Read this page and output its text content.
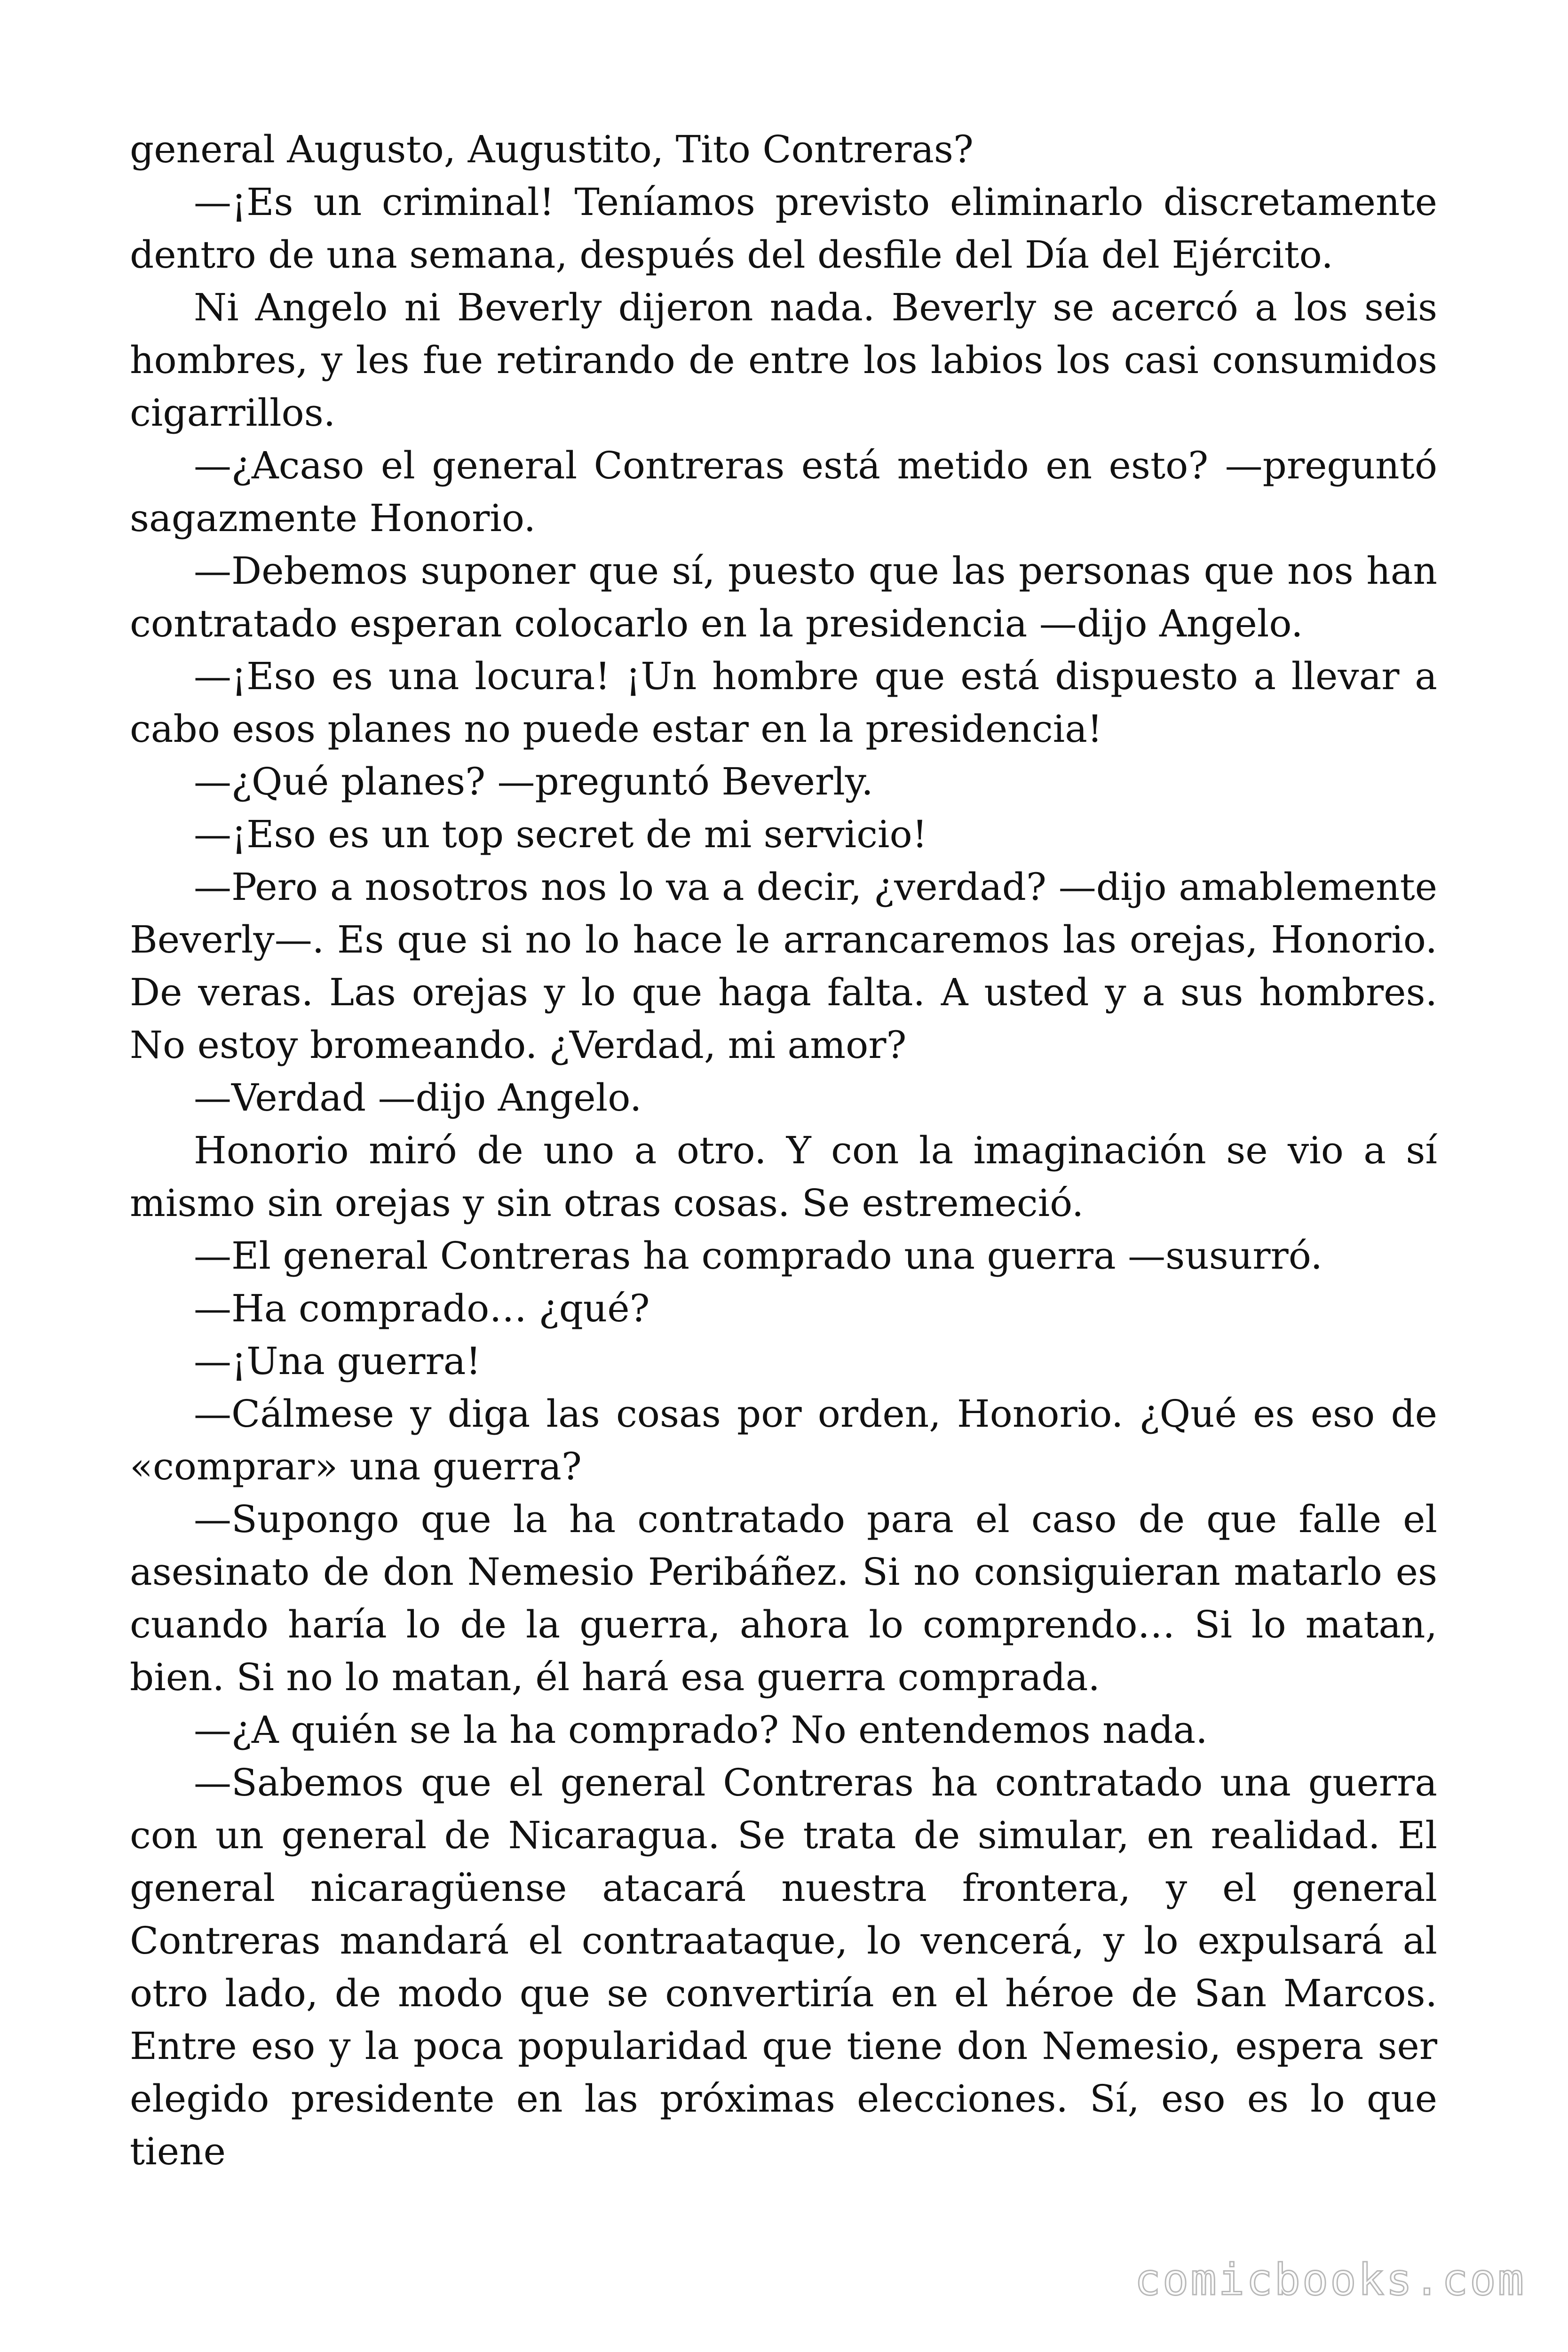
general Augusto, Augustito, Tito Contreras?

—¡Es un criminal! Teníamos previsto eliminarlo discretamente dentro de una semana, después del desfile del Día del Ejército.

Ni Angelo ni Beverly dijeron nada. Beverly se acercó a los seis hombres, y les fue retirando de entre los labios los casi consumidos cigarrillos.

—¿Acaso el general Contreras está metido en esto? —preguntó sagazmente Honorio.

—Debemos suponer que sí, puesto que las personas que nos han contratado esperan colocarlo en la presidencia —dijo Angelo.

—¡Eso es una locura! ¡Un hombre que está dispuesto a llevar a cabo esos planes no puede estar en la presidencia!

—¿Qué planes? —preguntó Beverly.

—¡Eso es un top secret de mi servicio!

—Pero a nosotros nos lo va a decir, ¿verdad? —dijo amablemente Beverly—. Es que si no lo hace le arrancaremos las orejas, Honorio. De veras. Las orejas y lo que haga falta. A usted y a sus hombres. No estoy bromeando. ¿Verdad, mi amor?

—Verdad —dijo Angelo.

Honorio miró de uno a otro. Y con la imaginación se vio a sí mismo sin orejas y sin otras cosas. Se estremeció.

—El general Contreras ha comprado una guerra —susurró.

—Ha comprado… ¿qué?

—¡Una guerra!

—Cálmese y diga las cosas por orden, Honorio. ¿Qué es eso de «comprar» una guerra?

—Supongo que la ha contratado para el caso de que falle el asesinato de don Nemesio Peribáñez. Si no consiguieran matarlo es cuando haría lo de la guerra, ahora lo comprendo… Si lo matan, bien. Si no lo matan, él hará esa guerra comprada.

—¿A quién se la ha comprado? No entendemos nada.

—Sabemos que el general Contreras ha contratado una guerra con un general de Nicaragua. Se trata de simular, en realidad. El general nicaragüense atacará nuestra frontera, y el general Contreras mandará el contraataque, lo vencerá, y lo expulsará al otro lado, de modo que se convertiría en el héroe de San Marcos. Entre eso y la poca popularidad que tiene don Nemesio, espera ser elegido presidente en las próximas elecciones. Sí, eso es lo que tiene

comicbooks.com
